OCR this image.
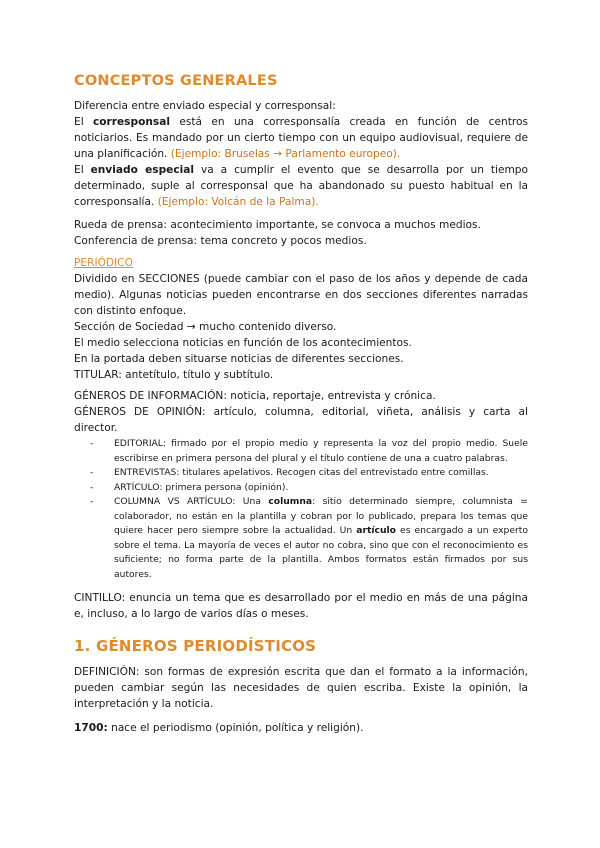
CONCEPTOS GENERALES
Diferencia entre enviado especial y corresponsal:
El corresponsal está en una corresponsalía creada en función de centros noticiarios. Es mandado por un cierto tiempo con un equipo audiovisual, requiere de una planificación. (Ejemplo: Bruselas → Parlamento europeo).
El enviado especial va a cumplir el evento que se desarrolla por un tiempo determinado, suple al corresponsal que ha abandonado su puesto habitual en la corresponsalía. (Ejemplo: Volcán de la Palma).
Rueda de prensa: acontecimiento importante, se convoca a muchos medios.
Conferencia de prensa: tema concreto y pocos medios.
PERIÓDICO
Dividido en SECCIONES (puede cambiar con el paso de los años y depende de cada medio). Algunas noticias pueden encontrarse en dos secciones diferentes narradas con distinto enfoque.
Sección de Sociedad → mucho contenido diverso.
El medio selecciona noticias en función de los acontecimientos.
En la portada deben situarse noticias de diferentes secciones.
TITULAR: antetítulo, título y subtítulo.
GÉNEROS DE INFORMACIÓN: noticia, reportaje, entrevista y crónica.
GÉNEROS DE OPINIÓN: artículo, columna, editorial, viñeta, análisis y carta al director.
- EDITORIAL: firmado por el propio medio y representa la voz del propio medio. Suele escribirse en primera persona del plural y el título contiene de una a cuatro palabras.
- ENTREVISTAS: titulares apelativos. Recogen citas del entrevistado entre comillas.
- ARTÍCULO: primera persona (opinión).
- COLUMNA VS ARTÍCULO: Una columna: sitio determinado siempre, columnista = colaborador, no están en la plantilla y cobran por lo publicado, prepara los temas que quiere hacer pero siempre sobre la actualidad. Un artículo es encargado a un experto sobre el tema. La mayoría de veces el autor no cobra, sino que con el reconocimiento es suficiente; no forma parte de la plantilla. Ambos formatos están firmados por sus autores.
CINTILLO: enuncia un tema que es desarrollado por el medio en más de una página e, incluso, a lo largo de varios días o meses.
1. GÉNEROS PERIODÍSTICOS
DEFINICIÓN: son formas de expresión escrita que dan el formato a la información, pueden cambiar según las necesidades de quien escriba. Existe la opinión, la interpretación y la noticia.
1700: nace el periodismo (opinión, política y religión).
